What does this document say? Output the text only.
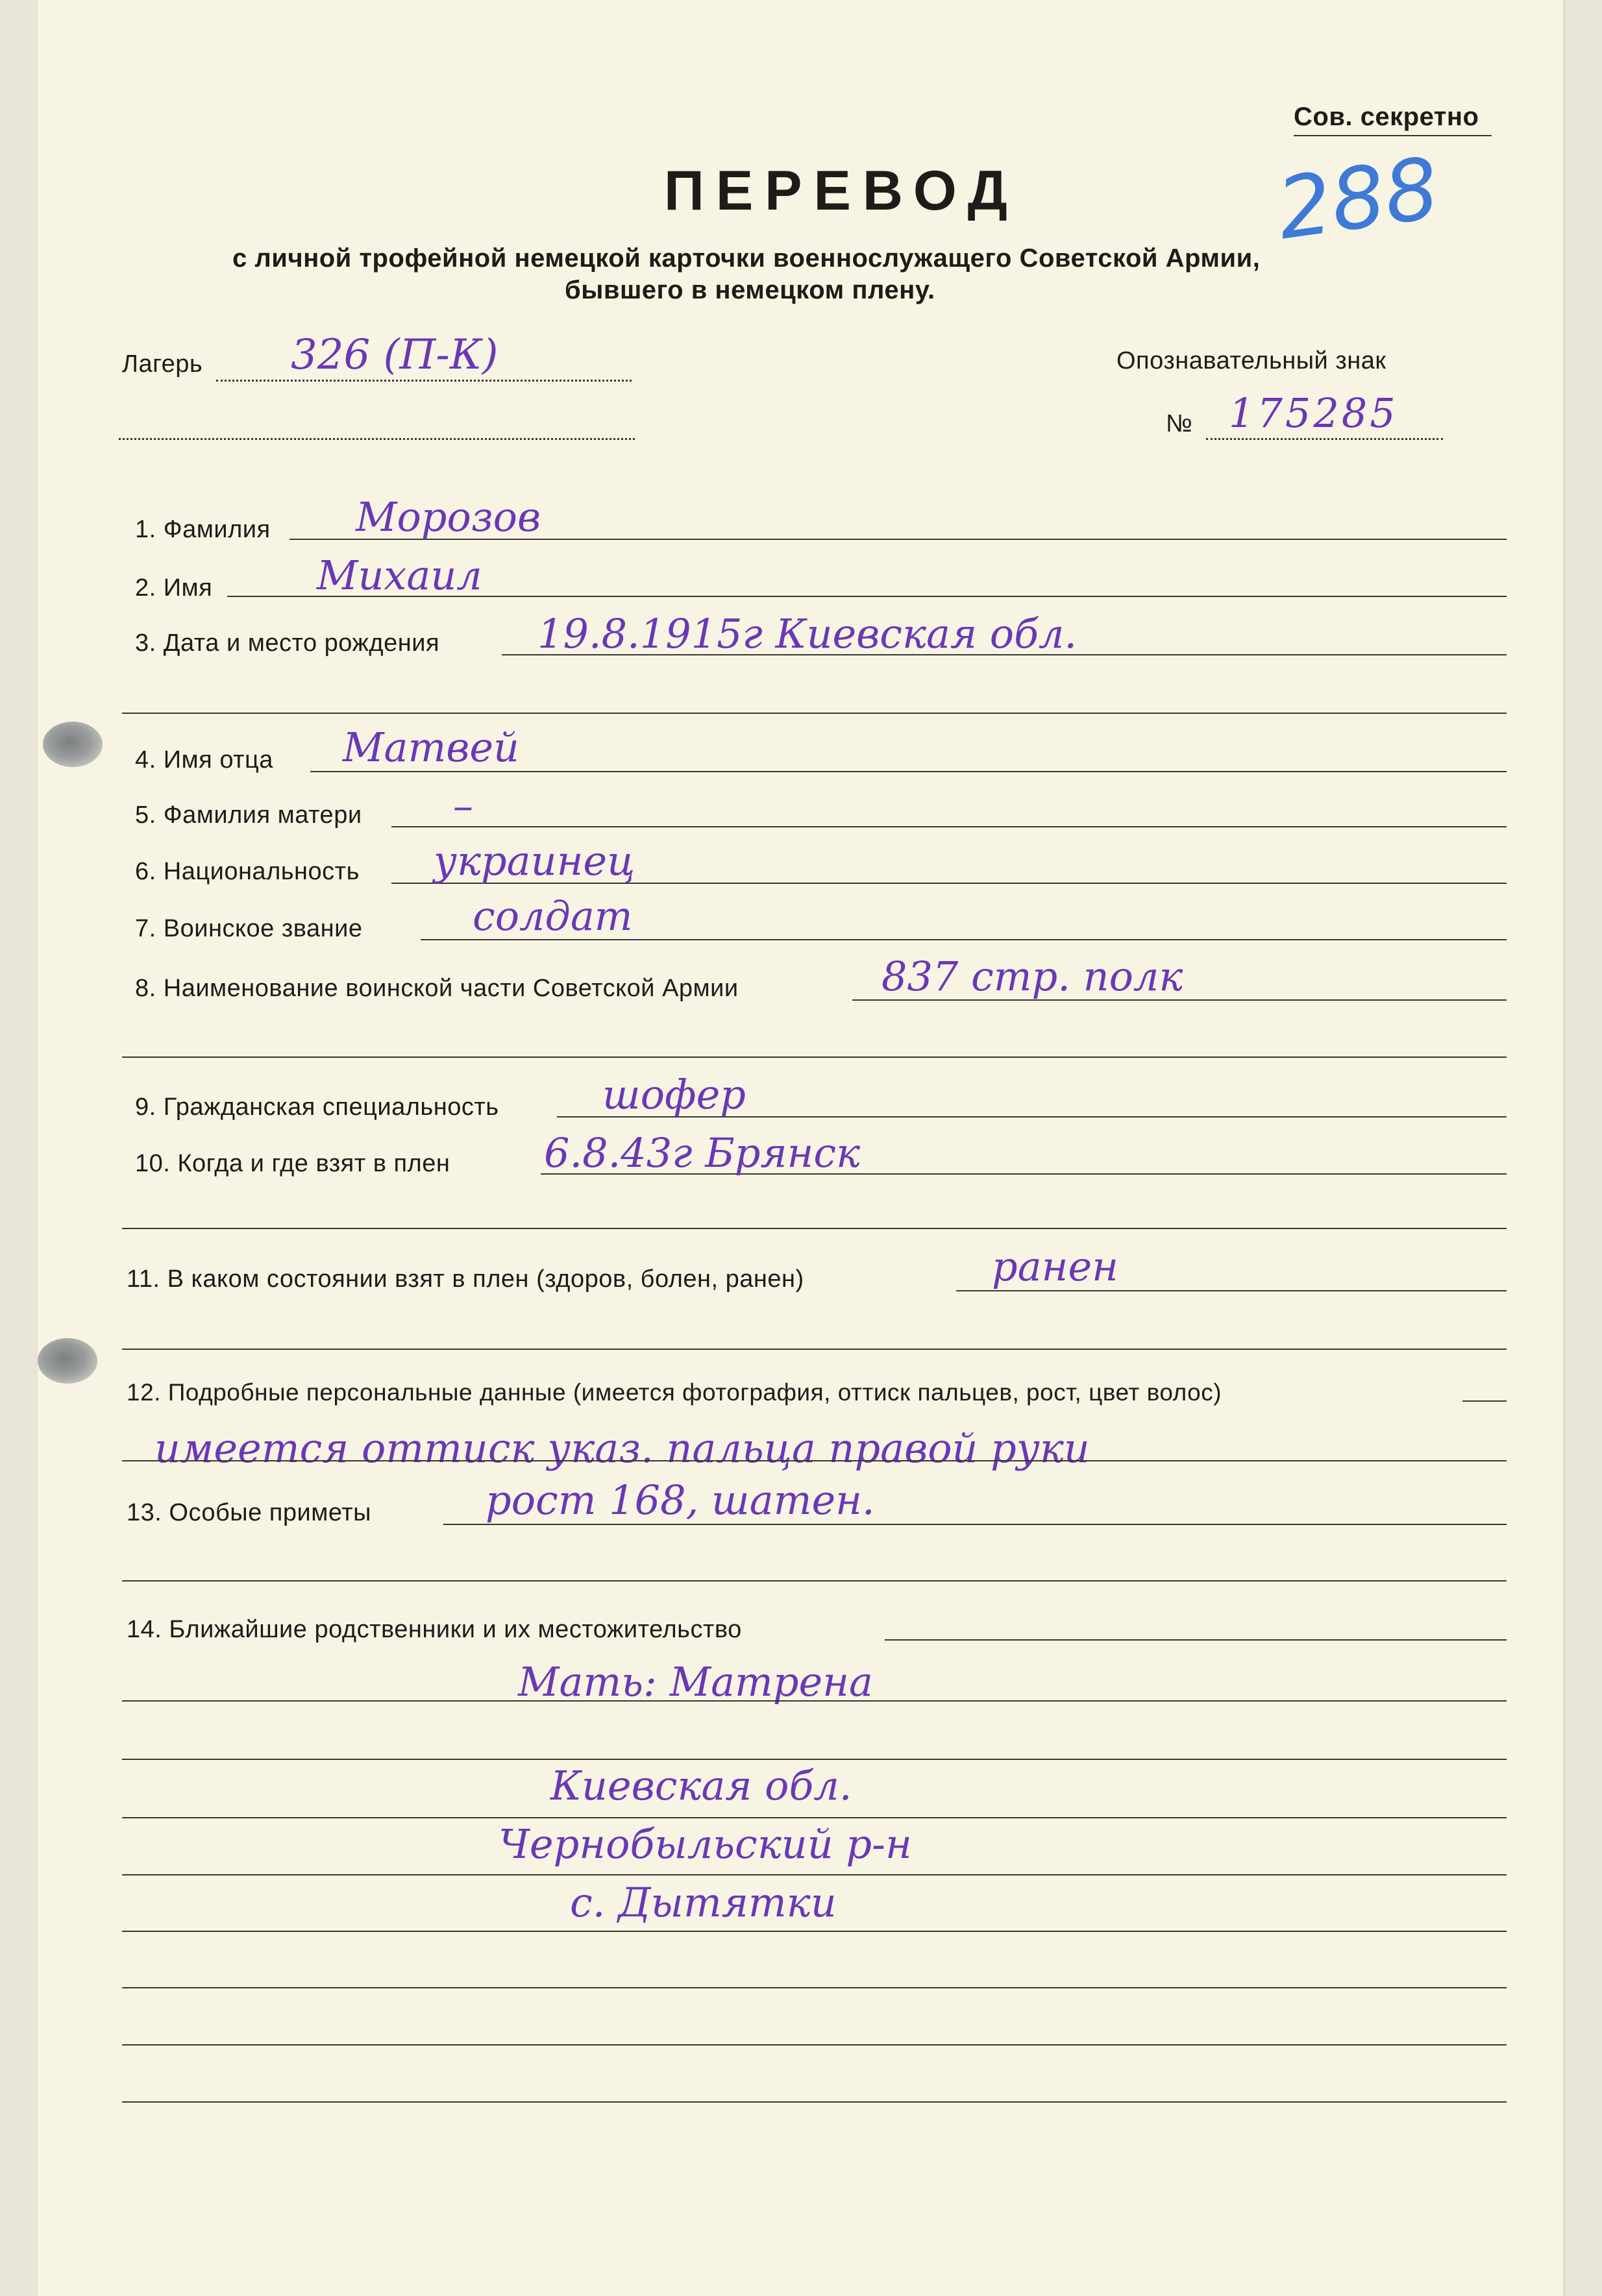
Сов. секретно
288
ПЕРЕВОД
с личной трофейной немецкой карточки военнослужащего Советской Армии,
бывшего в немецком плену.
Лагерь 326 (П-К)	Опознавательный знак
№ 175285
1. Фамилия Морозов
2. Имя	Михаил
3. Дата и место рождения 19.8.1915г Киевская обл.
4. Имя отца Матвей
5. Фамилия матери –
6. Национальность украинец
7. Воинское звание	солдат
8. Наименование воинской части Советской Армии	837 стр. полк
9. Гражданская специальность	шофер
10. Когда и где взят в плен 6.8.43г Брянск
11. В каком состоянии взят в плен (здоров, болен, ранен)	ранен
12. Подробные персональные данные (имеется фотография, оттиск пальцев, рост, цвет волос)
имеется оттиск указ. пальца правой руки
13. Особые приметы	рост 168, шатен.
14. Ближайшие родственники и их местожительство
Мать: Матрена
Киевская обл.
Чернобыльский р-н
с. Дытятки
